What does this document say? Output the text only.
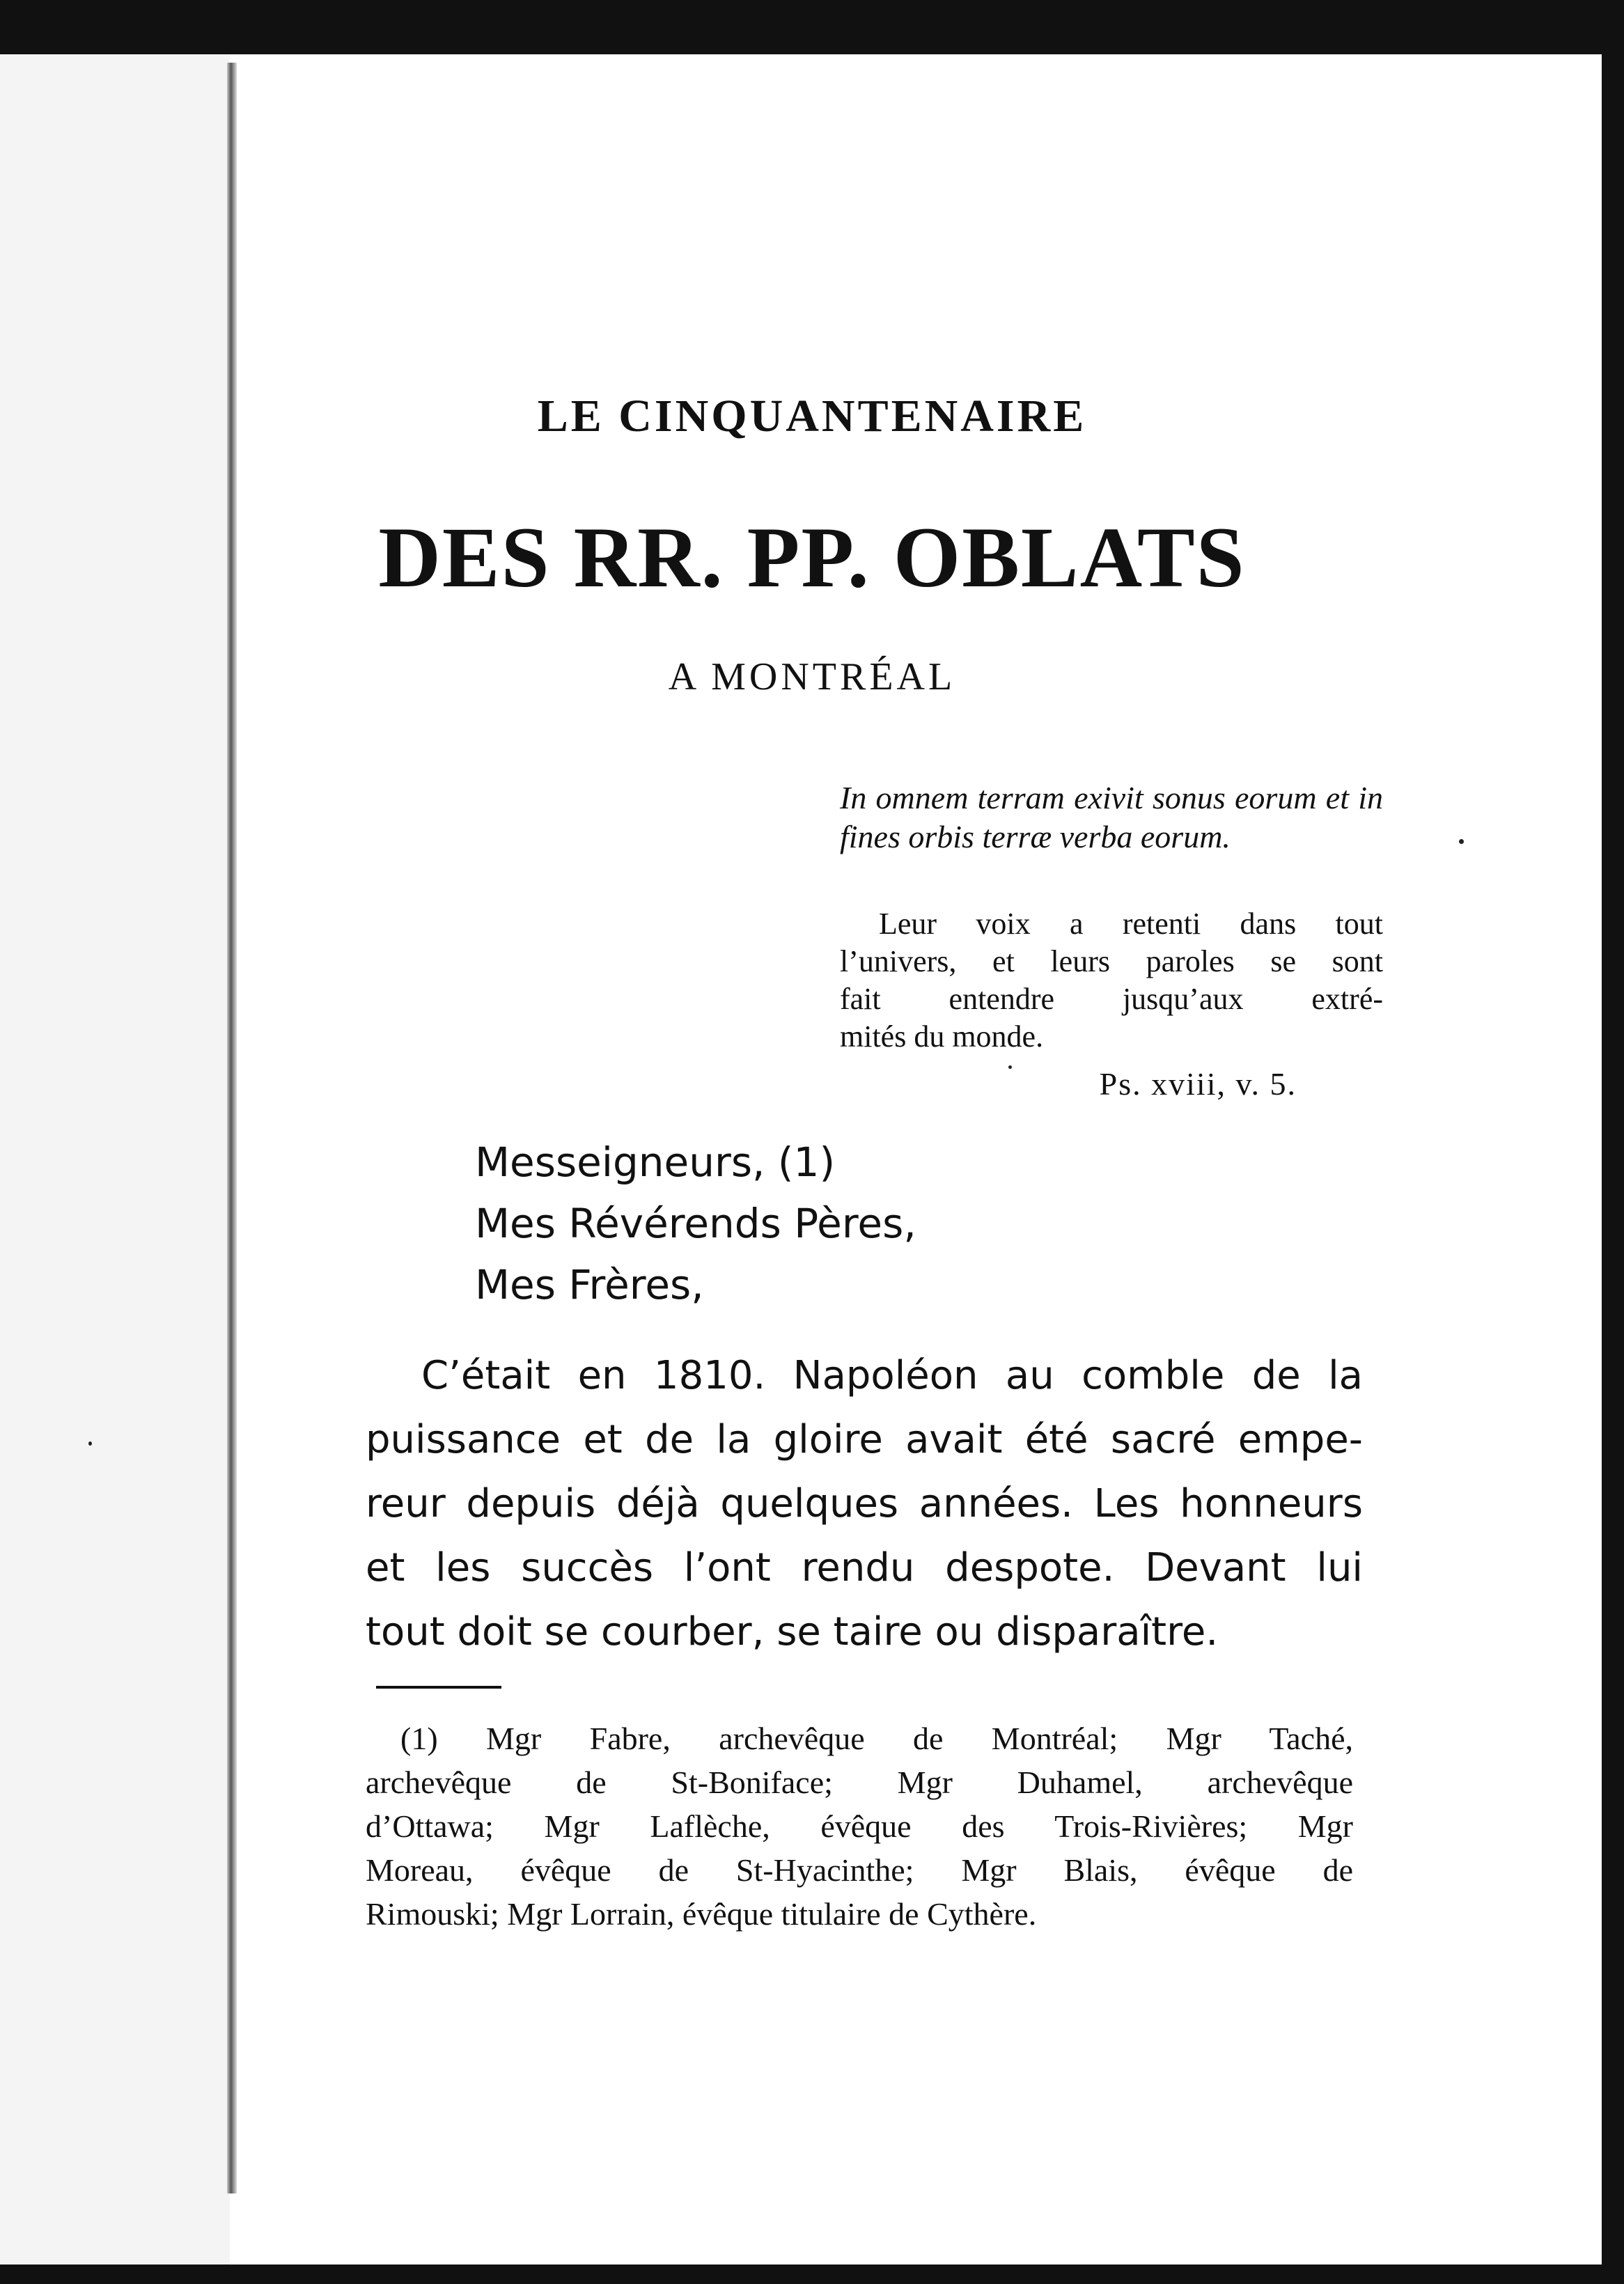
LE CINQUANTENAIRE
DES RR. PP. OBLATS
A MONTRÉAL
In omnem terram exivit sonus eorum et in fines orbis terræ verba eorum.
Leur voix a retenti dans tout
l’univers, et leurs paroles se sont
fait entendre jusqu’aux extré-
mités du monde.
Ps. xviii, v. 5.
Messeigneurs, (1)
Mes Révérends Pères,
Mes Frères,
C’était en 1810. Napoléon au comble de la
puissance et de la gloire avait été sacré empe-
reur depuis déjà quelques années. Les honneurs
et les succès l’ont rendu despote. Devant lui
tout doit se courber, se taire ou disparaître.
(1) Mgr Fabre, archevêque de Montréal; Mgr Taché,
archevêque de St-Boniface; Mgr Duhamel, archevêque
d’Ottawa; Mgr Laflèche, évêque des Trois-Rivières; Mgr
Moreau, évêque de St-Hyacinthe; Mgr Blais, évêque de
Rimouski; Mgr Lorrain, évêque titulaire de Cythère.
